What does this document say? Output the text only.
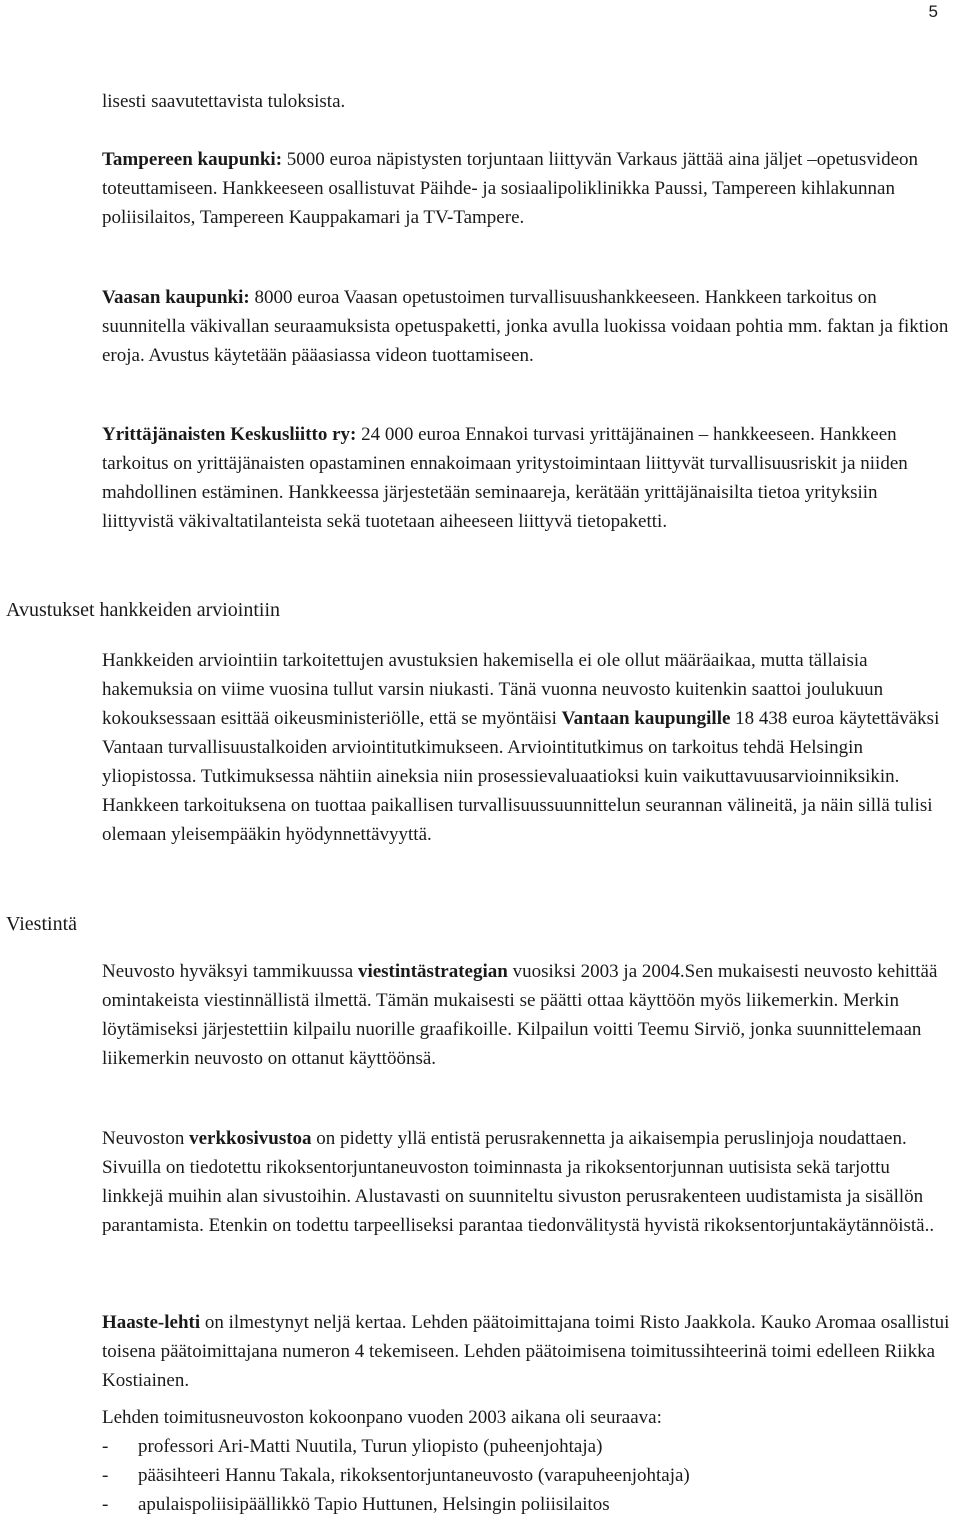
5

lisesti saavutettavista tuloksista.

Tampereen kaupunki: 5000 euroa näpistysten torjuntaan liittyvän Varkaus jättää aina jäljet –opetusvideon toteuttamiseen. Hankkeeseen osallistuvat Päihde- ja sosiaalipoliklinikka Paussi, Tampereen kihlakunnan poliisilaitos, Tampereen Kauppakamari ja TV-Tampere.

Vaasan kaupunki: 8000 euroa Vaasan opetustoimen turvallisuushankkeeseen. Hankkeen tarkoitus on suunnitella väkivallan seuraamuksista opetuspaketti, jonka avulla luokissa voidaan pohtia mm. faktan ja fiktion eroja. Avustus käytetään pääasiassa videon tuottamiseen.

Yrittäjänaisten Keskusliitto ry: 24 000 euroa Ennakoi turvasi yrittäjänainen – hankkeeseen. Hankkeen tarkoitus on yrittäjänaisten opastaminen ennakoimaan yritystoimintaan liittyvät turvallisuusriskit ja niiden mahdollinen estäminen. Hankkeessa järjestetään seminaareja, kerätään yrittäjänaisilta tietoa yrityksiin liittyvistä väkivaltatilanteista sekä tuotetaan aiheeseen liittyvä tietopaketti.

Avustukset hankkeiden arviointiin

Hankkeiden arviointiin tarkoitettujen avustuksien hakemisella ei ole ollut määräaikaa, mutta tällaisia hakemuksia on viime vuosina tullut varsin niukasti. Tänä vuonna neuvosto kuitenkin saattoi joulukuun kokouksessaan esittää oikeusministeriölle, että se myöntäisi Vantaan kaupungille 18 438 euroa käytettäväksi Vantaan turvallisuustalkoiden arviointitutkimukseen. Arviointitutkimus on tarkoitus tehdä Helsingin yliopistossa. Tutkimuksessa nähtiin aineksia niin prosessievaluaatioksi kuin vaikuttavuusarvioinniksikin. Hankkeen tarkoituksena on tuottaa paikallisen turvallisuussuunnittelun seurannan välineitä, ja näin sillä tulisi olemaan yleisempääkin hyödynnettävyyttä.

Viestintä

Neuvosto hyväksyi tammikuussa viestintästrategian vuosiksi 2003 ja 2004.Sen mukaisesti neuvosto kehittää omintakeista viestinnällistä ilmettä. Tämän mukaisesti se päätti ottaa käyttöön myös liikemerkin. Merkin löytämiseksi järjestettiin kilpailu nuorille graafikoille. Kilpailun voitti Teemu Sirviö, jonka suunnittelemaan liikemerkin neuvosto on ottanut käyttöönsä.

Neuvoston verkkosivustoa on pidetty yllä entistä perusrakennetta ja aikaisempia peruslinjoja noudattaen. Sivuilla on tiedotettu rikoksentorjuntaneuvoston toiminnasta ja rikoksentorjunnan uutisista sekä tarjottu linkkejä muihin alan sivustoihin. Alustavasti on suunniteltu sivuston perusrakenteen uudistamista ja sisällön parantamista. Etenkin on todettu tarpeelliseksi parantaa tiedonvälitystä hyvistä rikoksentorjuntakäytännöistä..

Haaste-lehti on ilmestynyt neljä kertaa. Lehden päätoimittajana toimi Risto Jaakkola. Kauko Aromaa osallistui toisena päätoimittajana numeron 4 tekemiseen. Lehden päätoimisena toimitussihteerinä toimi edelleen Riikka Kostiainen.

Lehden toimitusneuvoston kokoonpano vuoden 2003 aikana oli seuraava:

- professori Ari-Matti Nuutila, Turun yliopisto (puheenjohtaja)
- pääsihteeri Hannu Takala, rikoksentorjuntaneuvosto (varapuheenjohtaja)
- apulaispoliisipäällikkö Tapio Huttunen, Helsingin poliisilaitos
